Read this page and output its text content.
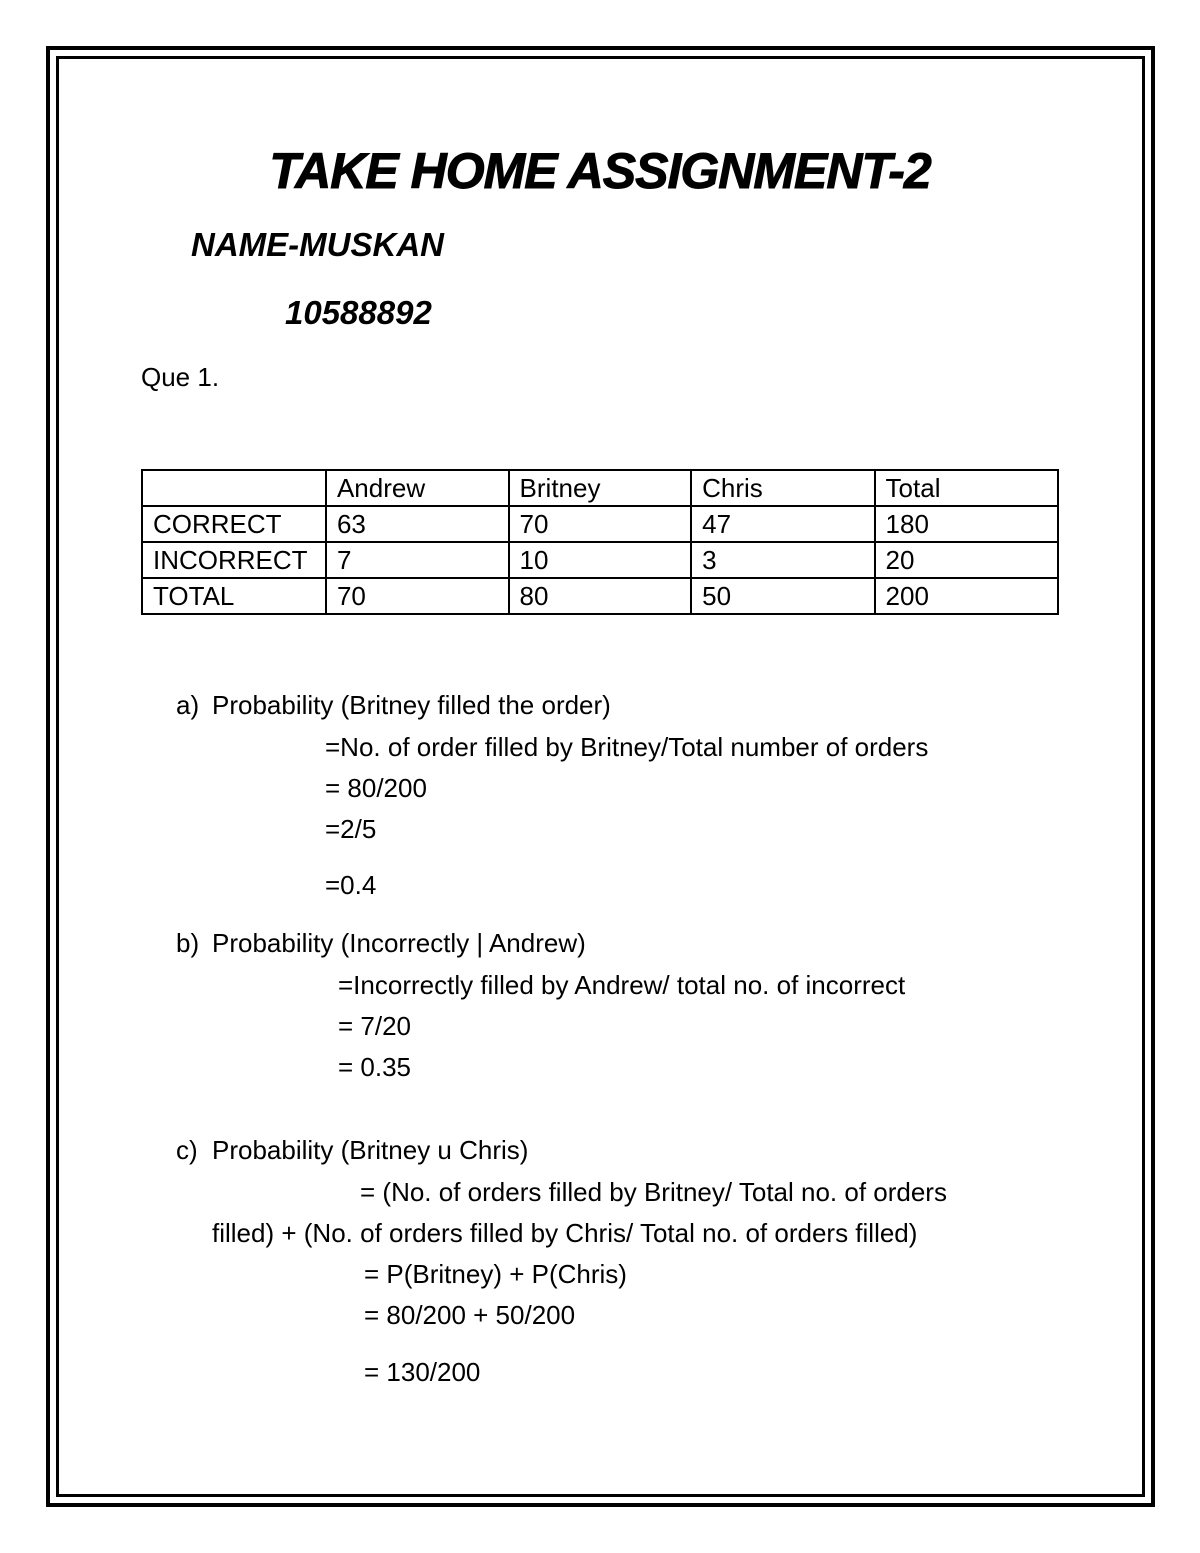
TAKE HOME ASSIGNMENT-2
NAME-MUSKAN
10588892
Que 1.
	Andrew	Britney	Chris	Total
CORRECT	63	70	47	180
INCORRECT	7	10	3	20
TOTAL	70	80	50	200
a) Probability (Britney filled the order)
=No. of order filled by Britney/Total number of orders
= 80/200
=2/5
=0.4
b) Probability (Incorrectly | Andrew)
=Incorrectly filled by Andrew/ total no. of incorrect
= 7/20
= 0.35
c) Probability (Britney u Chris)
= (No. of orders filled by Britney/ Total no. of orders
filled) + (No. of orders filled by Chris/ Total no. of orders filled)
= P(Britney) + P(Chris)
= 80/200 + 50/200
= 130/200
